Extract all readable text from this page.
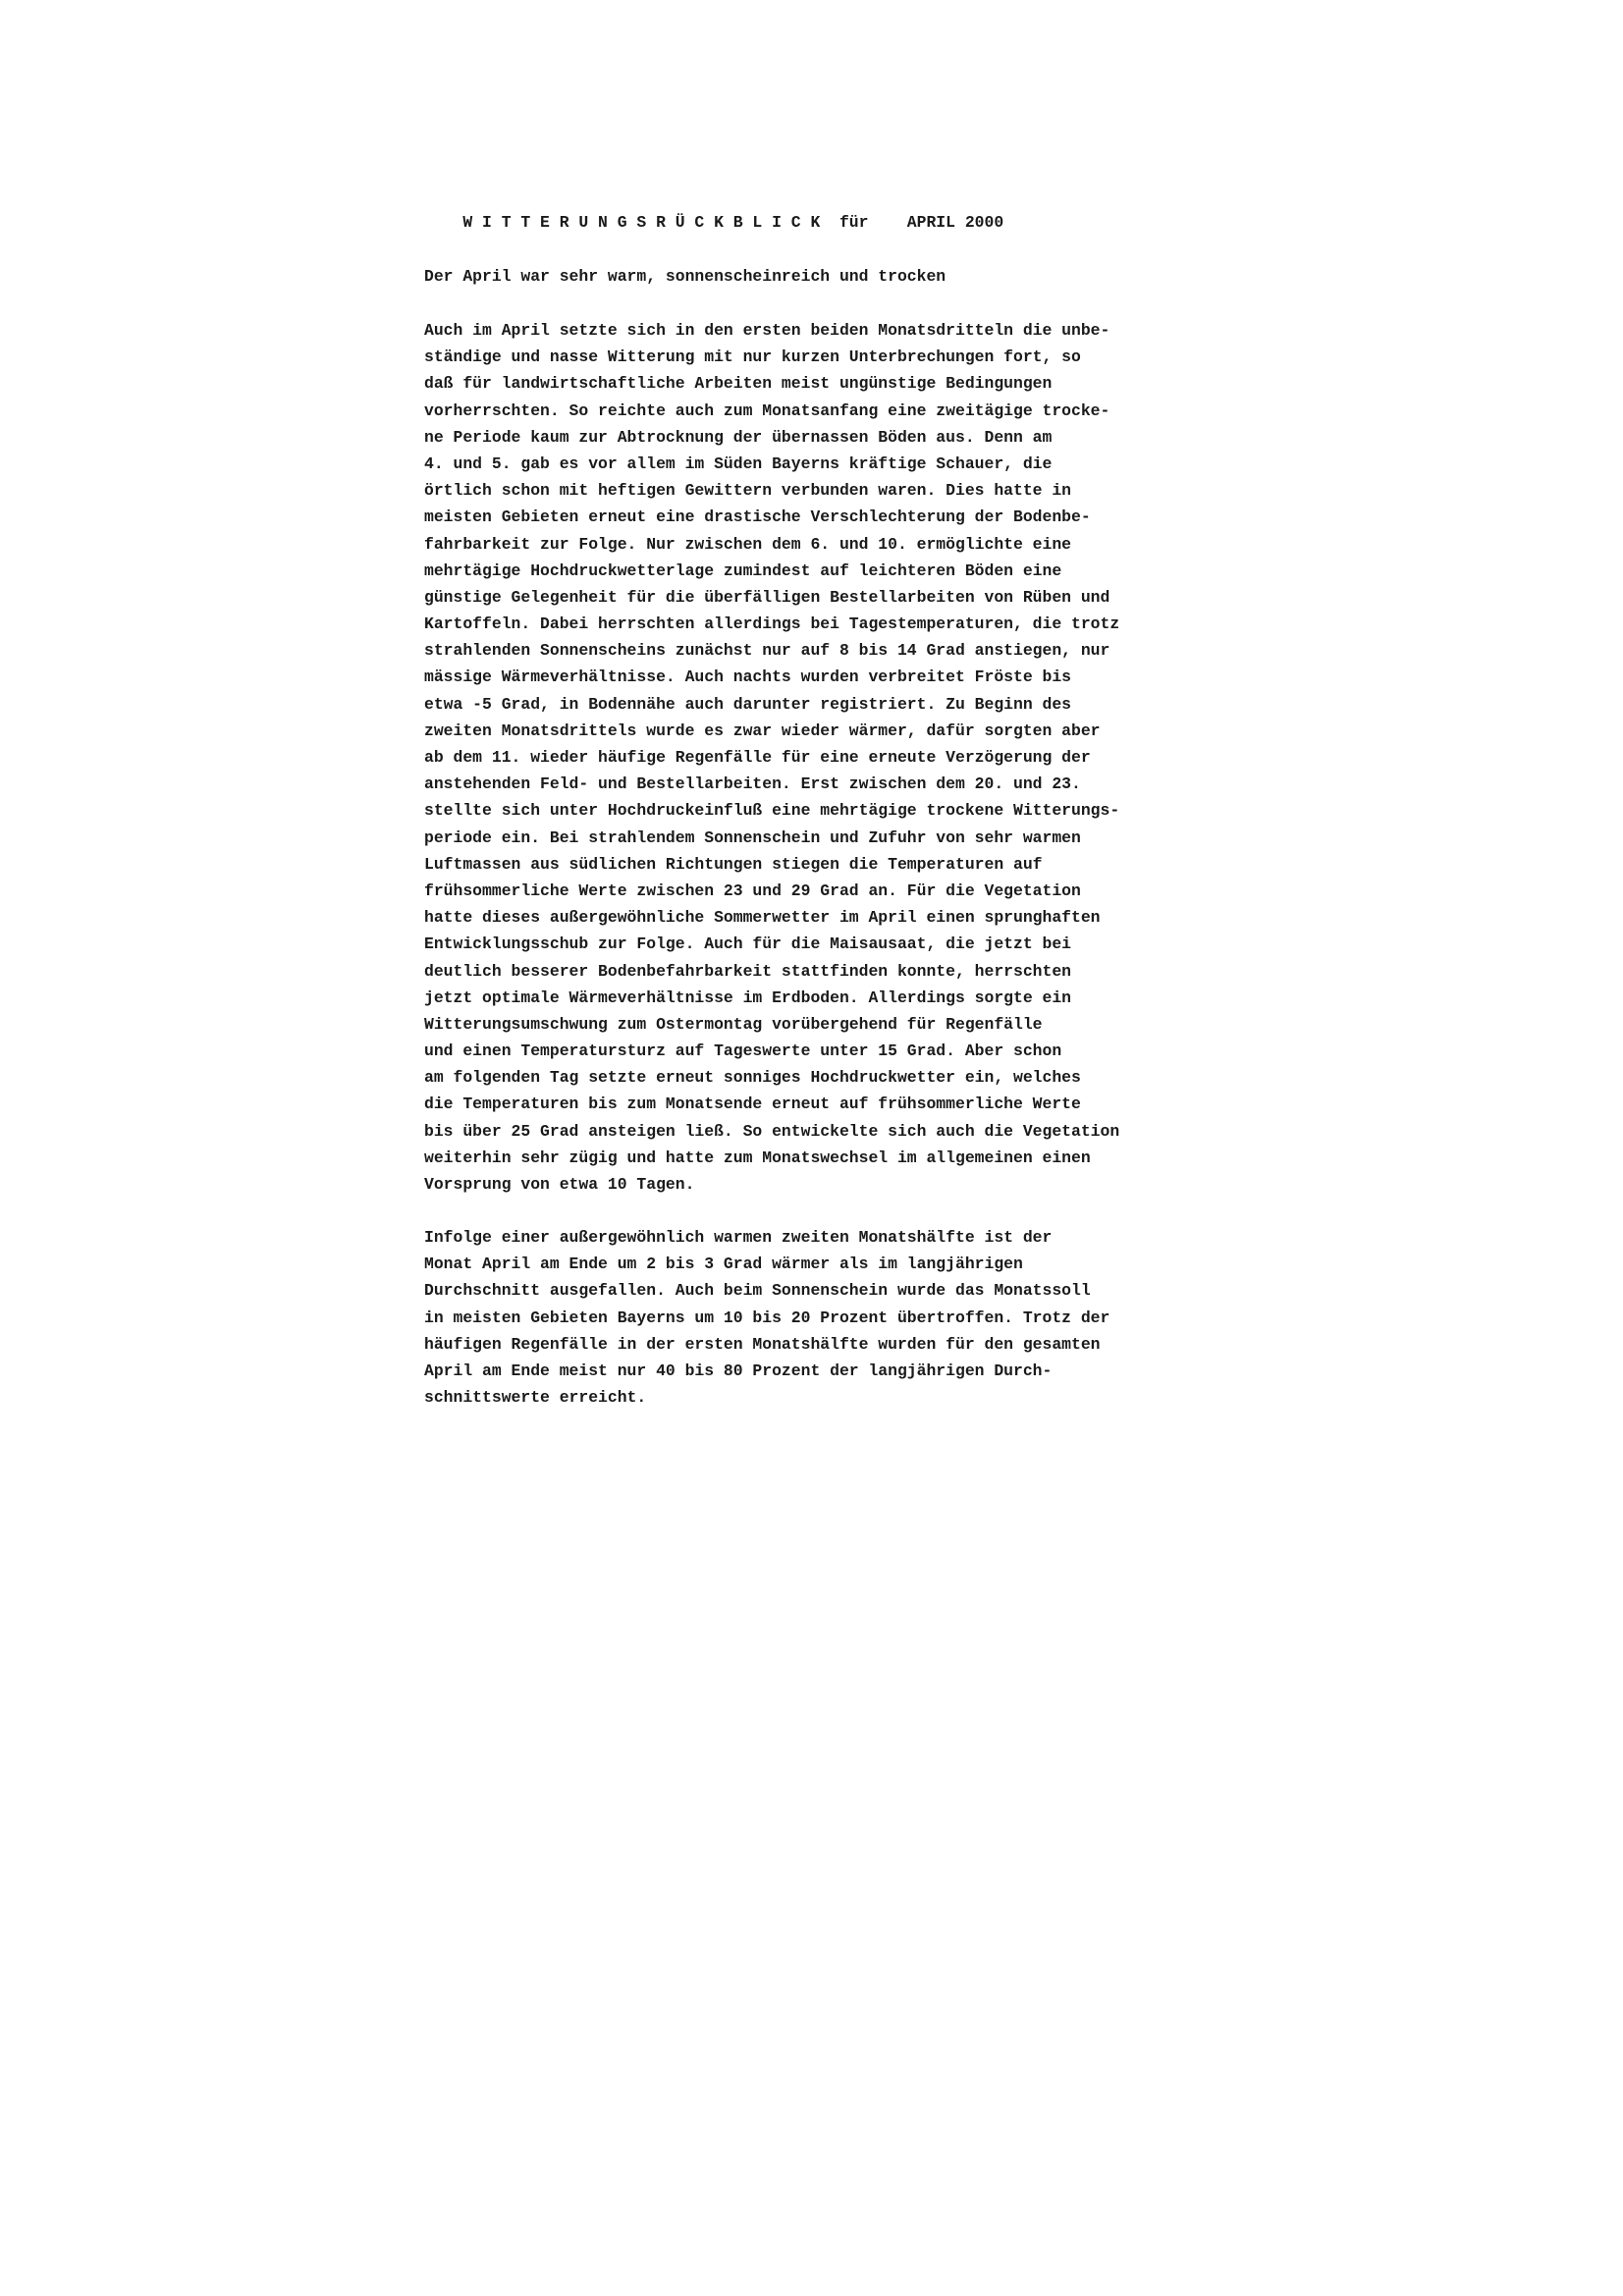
W I T T E R U N G S R Ü C K B L I C K  für    APRIL 2000
Der April war sehr warm, sonnenscheinreich und trocken
Auch im April setzte sich in den ersten beiden Monatsdritteln die unbe-
ständige und nasse Witterung mit nur kurzen Unterbrechungen fort, so
daß für landwirtschaftliche Arbeiten meist ungünstige Bedingungen
vorherrschten. So reichte auch zum Monatsanfang eine zweitägige trocke-
ne Periode kaum zur Abtrocknung der übernassen Böden aus. Denn am
4. und 5. gab es vor allem im Süden Bayerns kräftige Schauer, die
örtlich schon mit heftigen Gewittern verbunden waren. Dies hatte in
meisten Gebieten erneut eine drastische Verschlechterung der Bodenbe-
fahrbarkeit zur Folge. Nur zwischen dem 6. und 10. ermöglichte eine
mehrtägige Hochdruckwetterlage zumindest auf leichteren Böden eine
günstige Gelegenheit für die überfälligen Bestellarbeiten von Rüben und
Kartoffeln. Dabei herrschten allerdings bei Tagestemperaturen, die trotz
strahlenden Sonnenscheins zunächst nur auf 8 bis 14 Grad anstiegen, nur
mässige Wärmeverhältnisse. Auch nachts wurden verbreitet Fröste bis
etwa -5 Grad, in Bodennähe auch darunter registriert. Zu Beginn des
zweiten Monatsdrittels wurde es zwar wieder wärmer, dafür sorgten aber
ab dem 11. wieder häufige Regenfälle für eine erneute Verzögerung der
anstehenden Feld- und Bestellarbeiten. Erst zwischen dem 20. und 23.
stellte sich unter Hochdruckeinfluß eine mehrtägige trockene Witterungs-
periode ein. Bei strahlendem Sonnenschein und Zufuhr von sehr warmen
Luftmassen aus südlichen Richtungen stiegen die Temperaturen auf
frühsommerliche Werte zwischen 23 und 29 Grad an. Für die Vegetation
hatte dieses außergewöhnliche Sommerwetter im April einen sprunghaften
Entwicklungsschub zur Folge. Auch für die Maisausaat, die jetzt bei
deutlich besserer Bodenbefahrbarkeit stattfinden konnte, herrschten
jetzt optimale Wärmeverhältnisse im Erdboden. Allerdings sorgte ein
Witterungsumschwung zum Ostermontag vorübergehend für Regenfälle
und einen Temperatursturz auf Tageswerte unter 15 Grad. Aber schon
am folgenden Tag setzte erneut sonniges Hochdruckwetter ein, welches
die Temperaturen bis zum Monatsende erneut auf frühsommerliche Werte
bis über 25 Grad ansteigen ließ. So entwickelte sich auch die Vegetation
weiterhin sehr zügig und hatte zum Monatswechsel im allgemeinen einen
Vorsprung von etwa 10 Tagen.
Infolge einer außergewöhnlich warmen zweiten Monatshälfte ist der
Monat April am Ende um 2 bis 3 Grad wärmer als im langjährigen
Durchschnitt ausgefallen. Auch beim Sonnenschein wurde das Monatssoll
in meisten Gebieten Bayerns um 10 bis 20 Prozent übertroffen. Trotz der
häufigen Regenfälle in der ersten Monatshälfte wurden für den gesamten
April am Ende meist nur 40 bis 80 Prozent der langjährigen Durch-
schnittswerte erreicht.
